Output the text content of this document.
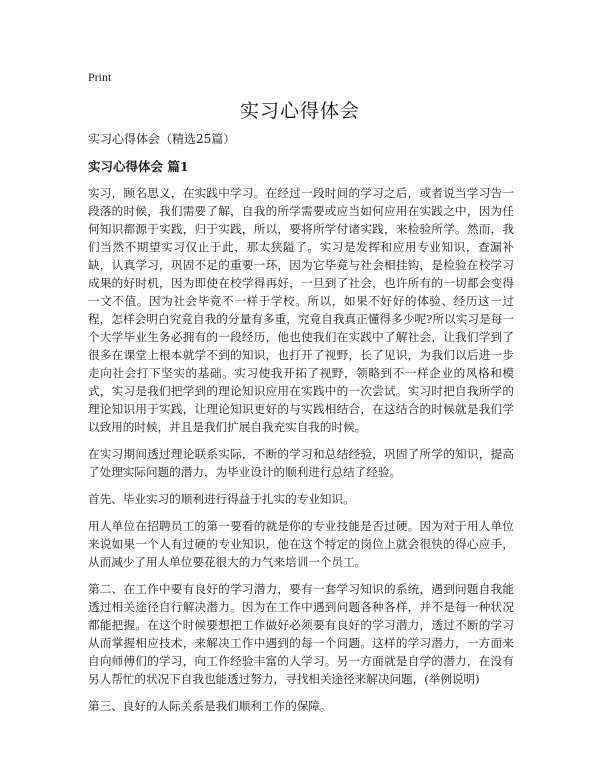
Print
实习心得体会
实习心得体会（精选25篇）
实习心得体会 篇1

实习，顾名思义，在实践中学习。在经过一段时间的学习之后，或者说当学习告一段落的时候，我们需要了解，自我的所学需要或应当如何应用在实践之中，因为任何知识都源于实践，归于实践，所以，要将所学付诸实践，来检验所学。然而，我们当然不期望实习仅止于此，那太狭隘了。实习是发挥和应用专业知识，查漏补缺，认真学习，巩固不足的重要一环，因为它毕竟与社会相挂钩，是检验在校学习成果的好时机，因为即使在校学得再好，一旦到了社会，也许所有的一切都会变得一文不值。因为社会毕竟不一样于学校。所以，如果不好好的体验、经历这一过程，怎样会明白究竟自我的分量有多重，究竟自我真正懂得多少呢?所以实习是每一个大学毕业生务必拥有的一段经历，他也使我们在实践中了解社会，让我们学到了很多在课堂上根本就学不到的知识，也打开了视野，长了见识，为我们以后进一步走向社会打下坚实的基础。实习使我开拓了视野，领略到不一样企业的风格和模式，实习是我们把学到的理论知识应用在实践中的一次尝试。实习时把自我所学的理论知识用于实践，让理论知识更好的与实践相结合，在这结合的时候就是我们学以致用的时候，并且是我们扩展自我充实自我的时候。

在实习期间透过理论联系实际，不断的学习和总结经验，巩固了所学的知识，提高了处理实际问题的潜力，为毕业设计的顺利进行总结了经验。

首先、毕业实习的顺利进行得益于扎实的专业知识。

用人单位在招聘员工的第一要看的就是你的专业技能是否过硬。因为对于用人单位来说如果一个人有过硬的专业知识，他在这个特定的岗位上就会很快的得心应手，从而减少了用人单位要花很大的力气来培训一个员工。

第二、在工作中要有良好的学习潜力，要有一套学习知识的系统，遇到问题自我能透过相关途径自行解决潜力。因为在工作中遇到问题各种各样，并不是每一种状况都能把握。在这个时候要想把工作做好必须要有良好的学习潜力，透过不断的学习从而掌握相应技术，来解决工作中遇到的每一个问题。这样的学习潜力，一方面来自向师傅们的学习，向工作经验丰富的人学习。另一方面就是自学的潜力，在没有另人帮忙的状况下自我也能透过努力，寻找相关途径来解决问题，(举例说明)

第三、良好的人际关系是我们顺利工作的保障。
